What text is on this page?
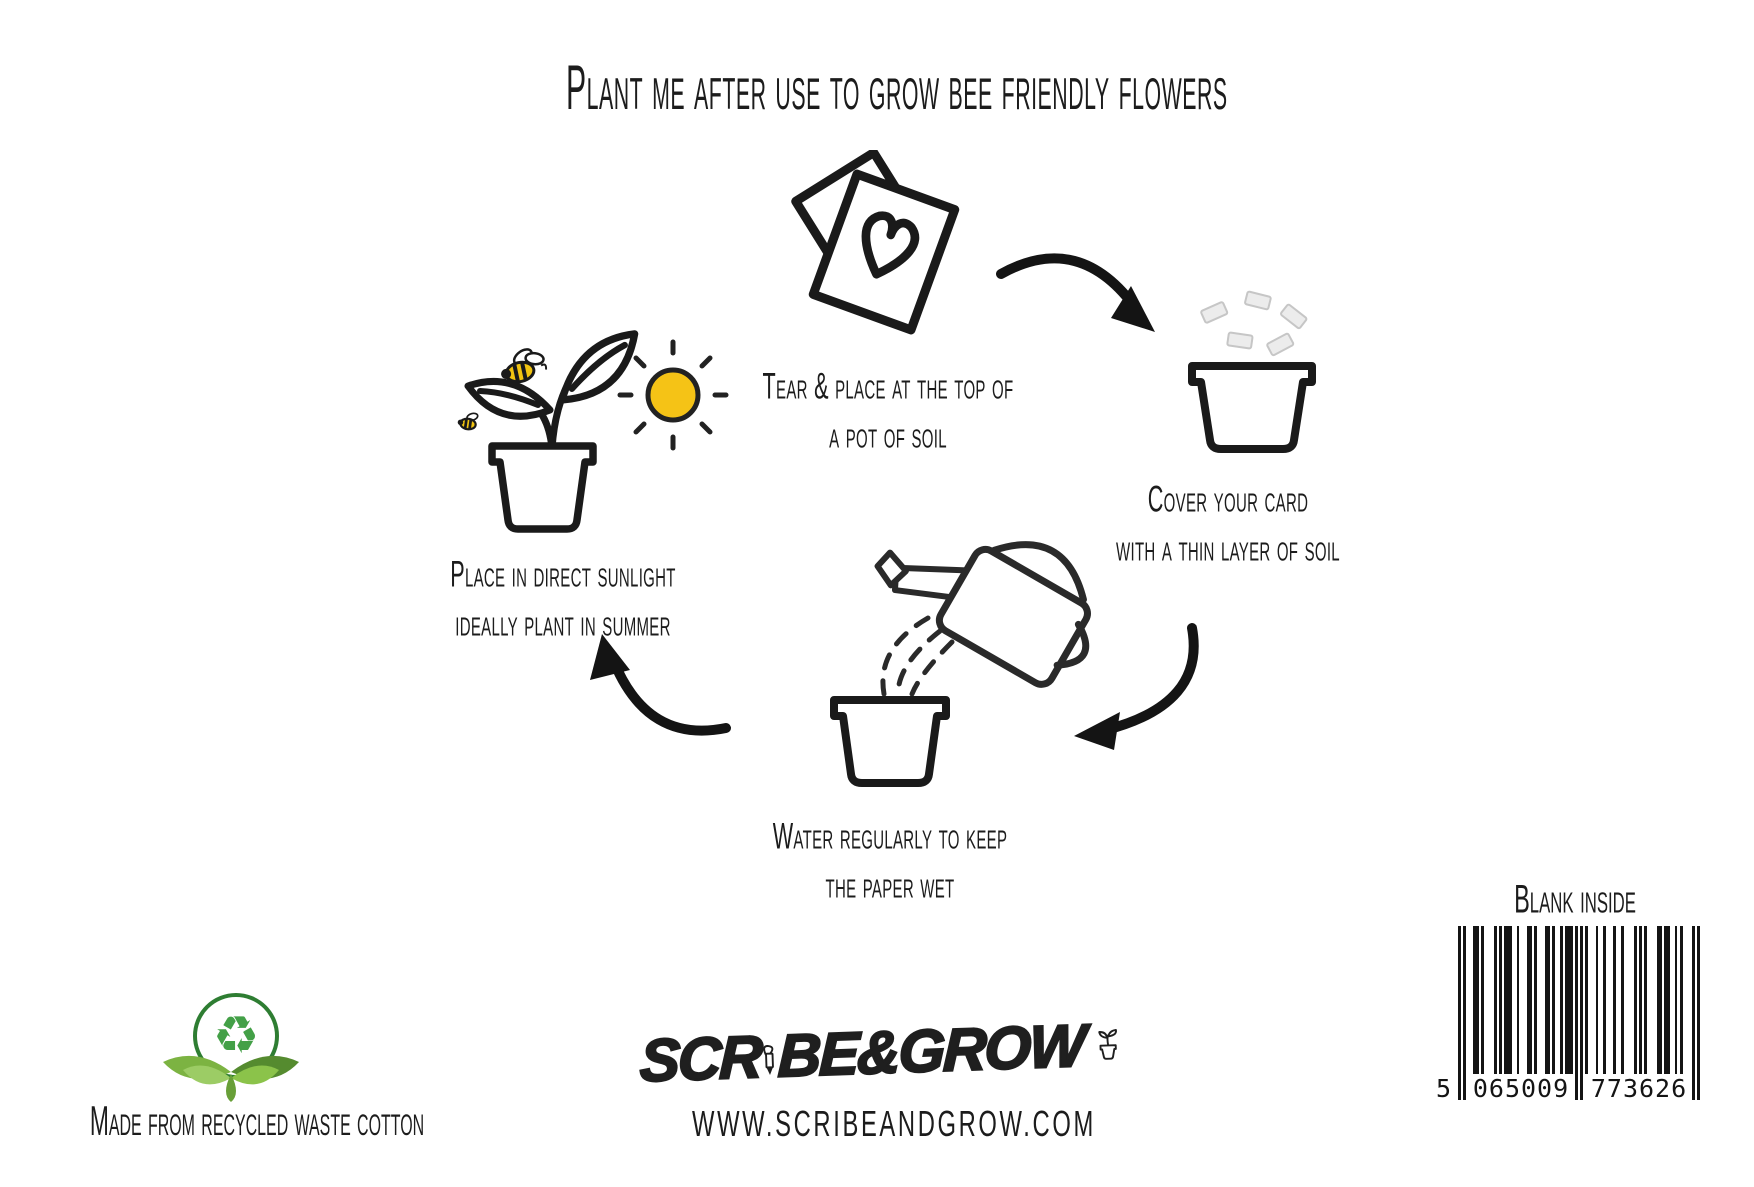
Plant me after use to grow bee friendly flowers
Tear & place at the top of
a pot of soil
Cover your card
with a thin layer of soil
Water regularly to keep
the paper wet
Place in direct sunlight
ideally plant in summer
♻
Made from recycled waste cotton
SCR BE&GROW
WWW.SCRIBEANDGROW.COM
Blank inside
5 065009 773626
